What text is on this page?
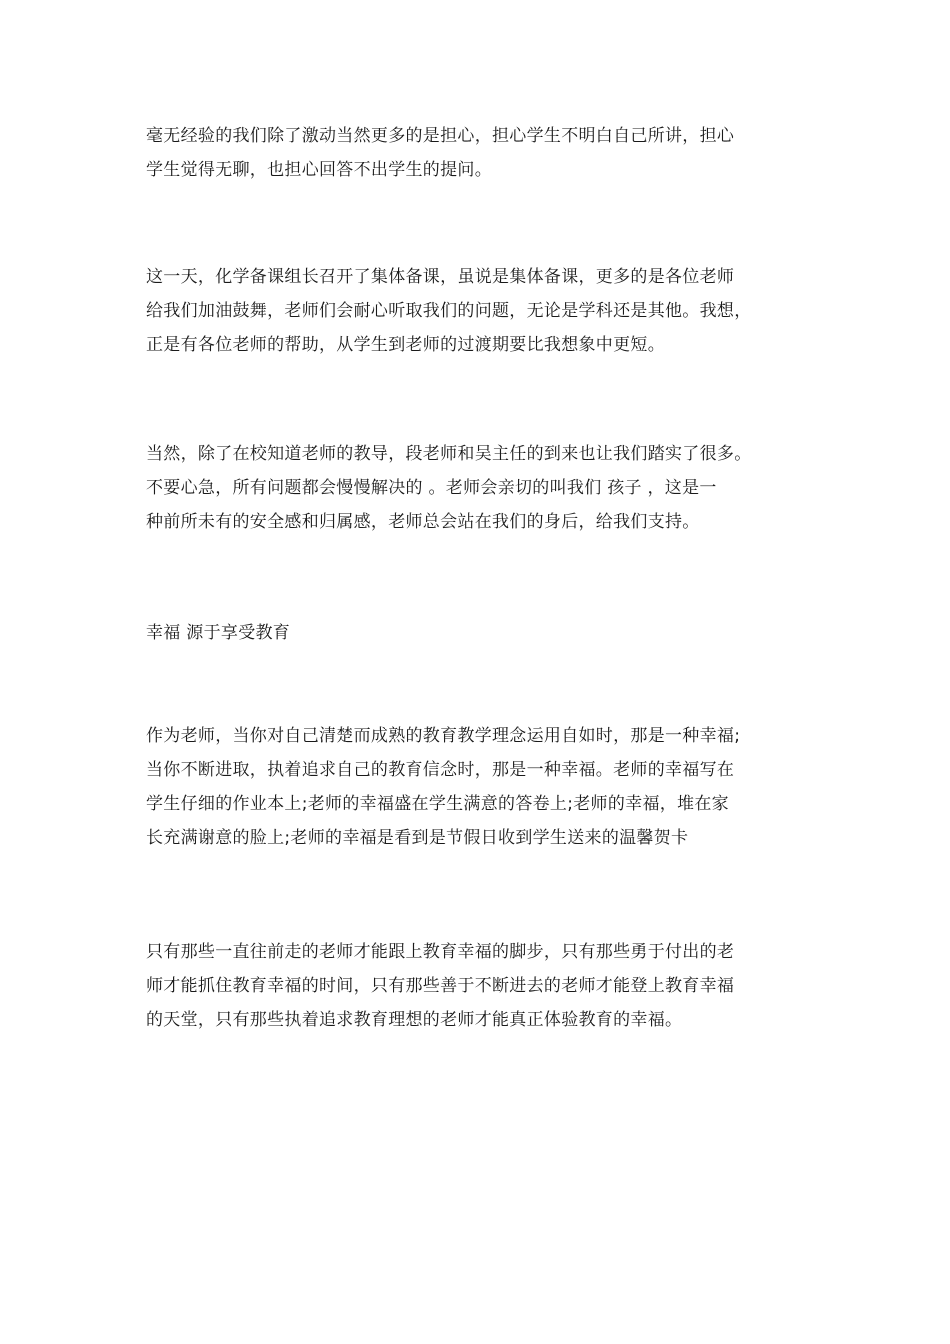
毫无经验的我们除了激动当然更多的是担心，担心学生不明白自己所讲，担心
学生觉得无聊，也担心回答不出学生的提问。

这一天，化学备课组长召开了集体备课，虽说是集体备课，更多的是各位老师
给我们加油鼓舞，老师们会耐心听取我们的问题，无论是学科还是其他。我想，
正是有各位老师的帮助，从学生到老师的过渡期要比我想象中更短。

当然，除了在校知道老师的教导，段老师和吴主任的到来也让我们踏实了很多。
不要心急，所有问题都会慢慢解决的 。老师会亲切的叫我们 孩子 ，这是一
种前所未有的安全感和归属感，老师总会站在我们的身后，给我们支持。

幸福 源于享受教育

作为老师，当你对自己清楚而成熟的教育教学理念运用自如时，那是一种幸福;
当你不断进取，执着追求自己的教育信念时，那是一种幸福。老师的幸福写在
学生仔细的作业本上;老师的幸福盛在学生满意的答卷上;老师的幸福，堆在家
长充满谢意的脸上;老师的幸福是看到是节假日收到学生送来的温馨贺卡

只有那些一直往前走的老师才能跟上教育幸福的脚步，只有那些勇于付出的老
师才能抓住教育幸福的时间，只有那些善于不断进去的老师才能登上教育幸福
的天堂，只有那些执着追求教育理想的老师才能真正体验教育的幸福。
